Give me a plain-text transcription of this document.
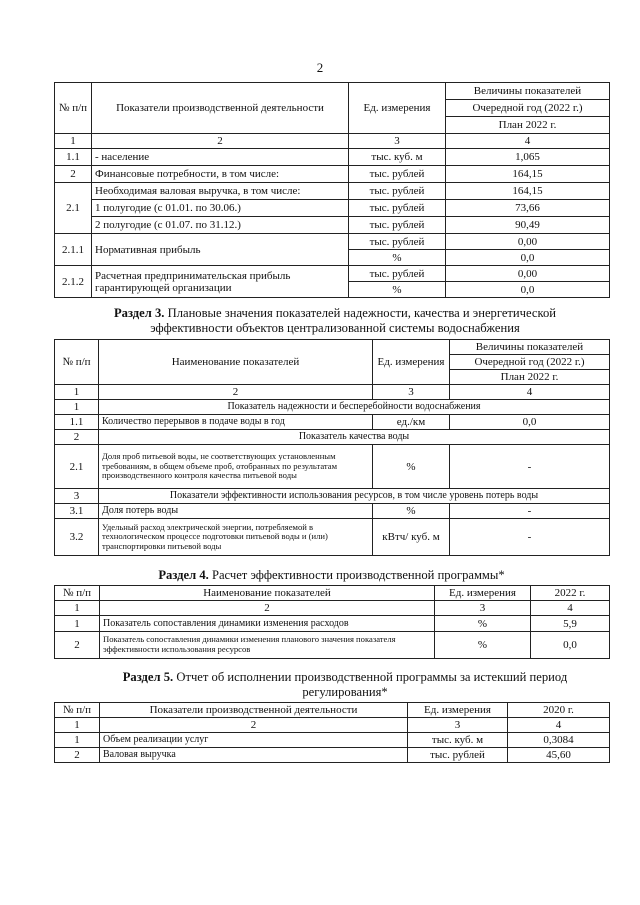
2
№ п/п	Показатели производственной деятельности	Ед. измерения	Величины показателей
			Очередной год (2022 г.)
			План 2022 г.
1	2	3	4
1.1	- население	тыс. куб. м	1,065
2	Финансовые потребности, в том числе:	тыс. рублей	164,15
2.1	Необходимая валовая выручка, в том числе:	тыс. рублей	164,15
	1 полугодие (с 01.01. по 30.06.)	тыс. рублей	73,66
	2 полугодие (с 01.07. по 31.12.)	тыс. рублей	90,49
2.1.1	Нормативная прибыль	тыс. рублей	0,00
		%	0,0
2.1.2	Расчетная предпринимательская прибыль гарантирующей организации	тыс. рублей	0,00
		%	0,0
Раздел 3. Плановые значения показателей надежности, качества и энергетической эффективности объектов централизованной системы водоснабжения
№ п/п	Наименование показателей	Ед. измерения	Величины показателей
			Очередной год (2022 г.)
			План 2022 г.
1	2	3	4
1	Показатель надежности и бесперебойности водоснабжения		
1.1	Количество перерывов в подаче воды в год	ед./км	0,0
2	Показатель качества воды		
2.1	Доля проб питьевой воды, не соответствующих установленным требованиям, в общем объеме проб, отобранных по результатам производственного контроля качества питьевой воды	%	-
3	Показатели эффективности использования ресурсов, в том числе уровень потерь воды		
3.1	Доля потерь воды	%	-
3.2	Удельный расход электрической энергии, потребляемой в технологическом процессе подготовки питьевой воды и (или) транспортировки питьевой воды	кВтч/ куб. м	-
Раздел 4. Расчет эффективности производственной программы*
№ п/п	Наименование показателей	Ед. измерения	2022 г.
1	2	3	4
1	Показатель сопоставления динамики изменения расходов	%	5,9
2	Показатель сопоставления динамики изменения планового значения показателя эффективности использования ресурсов	%	0,0
Раздел 5. Отчет об исполнении производственной программы за истекший период регулирования*
№ п/п	Показатели производственной деятельности	Ед. измерения	2020 г.
1	2	3	4
1	Объем реализации услуг	тыс. куб. м	0,3084
2	Валовая выручка	тыс. рублей	45,60
